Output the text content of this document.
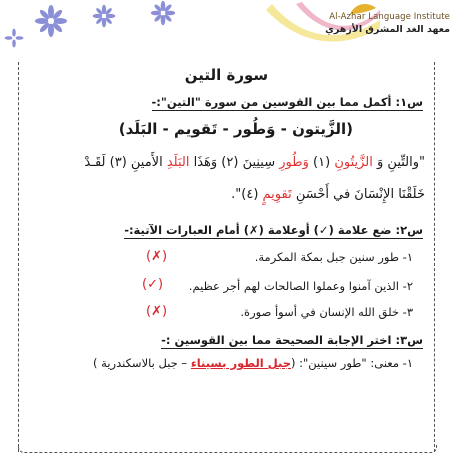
Al-Azhar Language Institute
معهد الغد المشرق الأزهري
سورة التين
س١: أكمل مما بين القوسين من سورة "التين":-
(الزَّيتون - وَطُور - تَقويم - البَلَد)
"والتِّينِ وَ الزَّيتُونِ (١) وَطُورِ سِينِينَ (٢) وَهَذَا البَلَدِ الأَمينِ (٣) لَقَـدْ
خَلَقْنَا الإِنْسَانَ في أَحْسَنِ تَقوِيمٍ (٤)".
س٢: ضع علامة (✓) أوعلامة (✗) أمام العبارات الآتية:-
١- طور سنين جبل بمكة المكرمة.
(✗)
٢- الذين آمنوا وعملوا الصالحات لهم أجر عظيم.
(✓)
٣- خلق الله الإنسان في أسوأ صورة.
(✗)
س٣: اختر الإجابة الصحيحة مما بين القوسين :-
١- معنى: "طور سينين": (جبل الطور بسيناء – جبل بالاسكندرية )
